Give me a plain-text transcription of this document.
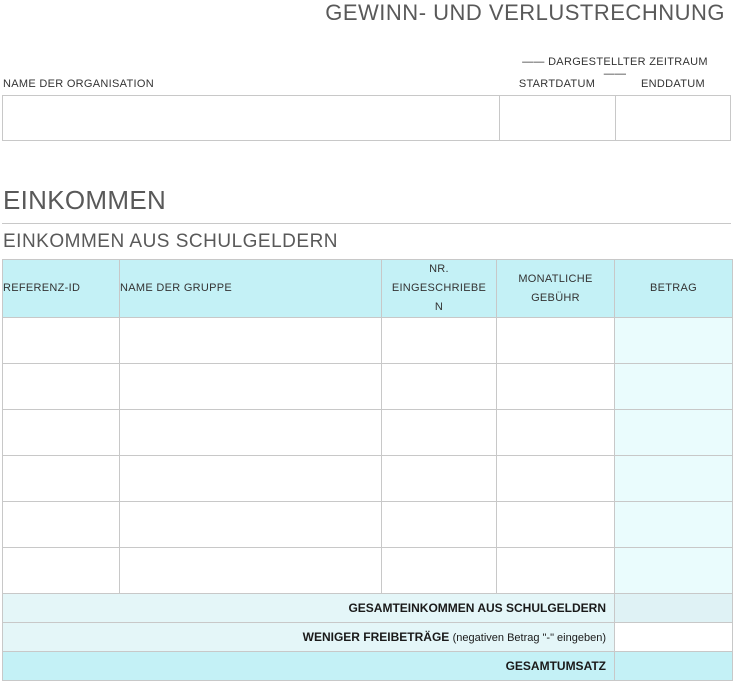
GEWINN- UND VERLUSTRECHNUNG
—— DARGESTELLTER ZEITRAUM ——
NAME DER ORGANISATION	STARTDATUM	ENDDATUM
EINKOMMEN
EINKOMMEN AUS SCHULGELDERN
REFERENZ-ID	NAME DER GRUPPE	NR. EINGESCHRIEBE N	MONATLICHE GEBÜHR	BETRAG

GESAMTEINKOMMEN AUS SCHULGELDERN				
WENIGER FREIBETRÄGE (negativen Betrag "-" eingeben)				
GESAMTUMSATZ				
